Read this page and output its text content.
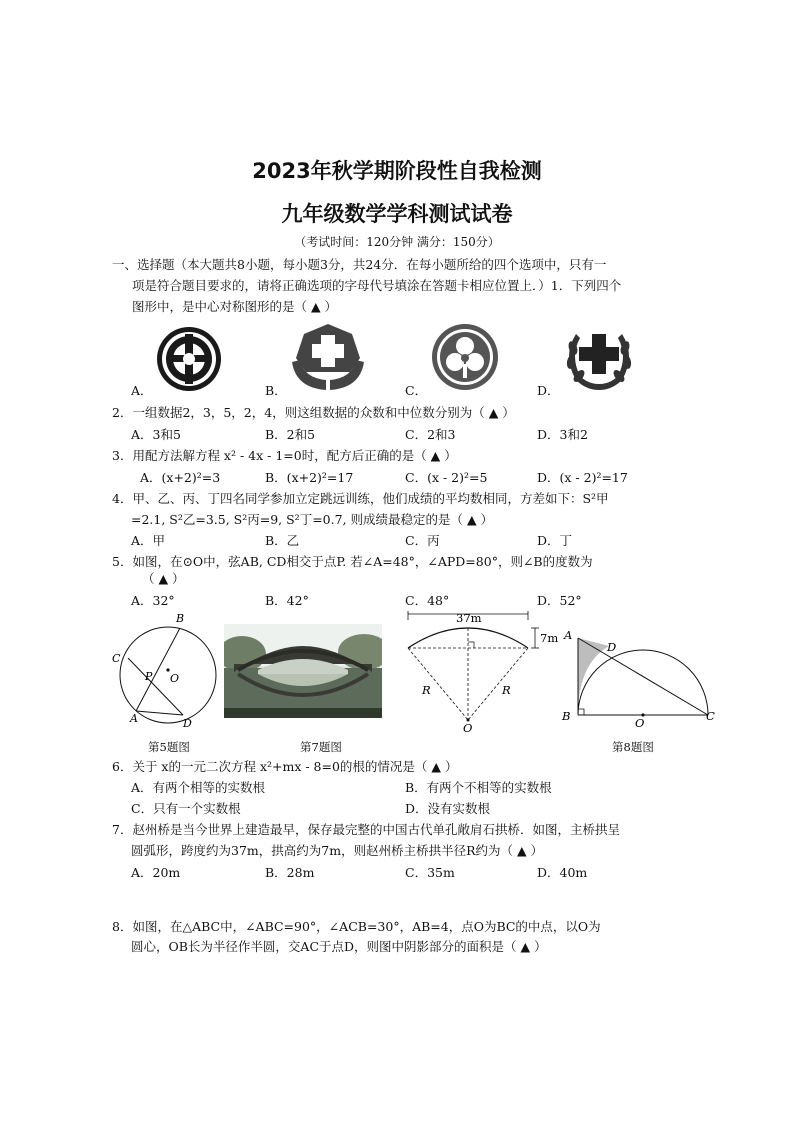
2023年秋学期阶段性自我检测
九年级数学学科测试试卷
（考试时间：120分钟 满分：150分）
一、选择题（本大题共8小题，每小题3分，共24分．在每小题所给的四个选项中，只有一
项是符合题目要求的，请将正确选项的字母代号填涂在答题卡相应位置上．）1．下列四个
图形中，是中心对称图形的是（ ▲ ）
A．	B．	C．	D．
2．一组数据2，3，5，2，4，则这组数据的众数和中位数分别为（ ▲ ）
A．3和5	B．2和5	C．2和3	D．3和2
3．用配方法解方程 x² - 4x - 1=0时，配方后正确的是（ ▲ ）
A．(x+2)²=3	B．(x+2)²=17	C．(x - 2)²=5	D．(x - 2)²=17
4．甲、乙、丙、丁四名同学参加立定跳远训练，他们成绩的平均数相同，方差如下：S²甲
=2.1, S²乙=3.5, S²丙=9, S²丁=0.7, 则成绩最稳定的是（ ▲ ）
A．甲	B．乙	C．丙	D．丁
5．如图，在⊙O中，弦AB, CD相交于点P. 若∠A=48°，∠APD=80°，则∠B的度数为
（ ▲ ）
A．32°	B．42°	C．48°	D．52°
B
C
P O
A	D
第5题图	第7题图
37m
7m
R	R
O
A
D
B	O	C
第8题图
6．关于 x的一元二次方程 x²+mx - 8=0的根的情况是（ ▲ ）
A．有两个相等的实数根	B．有两个不相等的实数根
C．只有一个实数根	D．没有实数根
7．赵州桥是当今世界上建造最早，保存最完整的中国古代单孔敞肩石拱桥．如图，主桥拱呈
圆弧形，跨度约为37m，拱高约为7m，则赵州桥主桥拱半径R约为（ ▲ ）
A．20m	B．28m	C．35m	D．40m
8．如图，在△ABC中，∠ABC=90°，∠ACB=30°，AB=4，点O为BC的中点，以O为
圆心，OB长为半径作半圆，交AC于点D，则图中阴影部分的面积是（ ▲ ）
